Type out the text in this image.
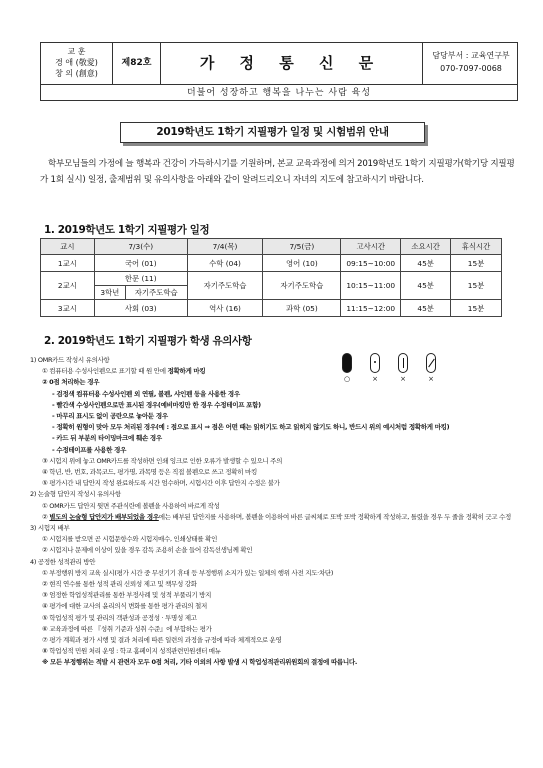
교 훈
경 애 (敬愛)
창 의 (創意)
제82호	가 정 통 신 문	담당부서 : 교육연구부
070-7097-0068
더불어 성장하고 행복을 나누는 사람 육성
2019학년도 1학기 지필평가 일정 및 시험범위 안내

학부모님들의 가정에 늘 행복과 건강이 가득하시기를 기원하며, 본교 교육과정에 의거 2019학년도 1학기 지필평가(학기당 지필평가 1회 실시) 일정, 출제범위 및 유의사항을 아래와 같이 알려드리오니 자녀의 지도에 참고하시기 바랍니다.

1. 2019학년도 1학기 지필평가 일정
교시	7/3(수)		7/4(목)	7/5(금)	고사시간	소요시간	휴식시간
1교시	국어 (01)		수학 (04)	영어 (10)	09:15~10:00	45분	15분
2교시	한문 (11)		자기주도학습	자기주도학습	10:15~11:00	45분	15분
	3학년	자기주도학습					
3교시	사회 (03)		역사 (16)	과학 (05)	11:15~12:00	45분	15분
2. 2019학년도 1학기 지필평가 학생 유의사항
○	×	×	×
1) OMR카드 작성시 유의사항
① 컴퓨터용 수성사인펜으로 표기할 때 원 안에 정확하게 마킹
② 0점 처리하는 경우
- 검정색 컴퓨터용 수성사인펜 외 연필, 볼펜, 샤인펜 등을 사용한 경우
- 빨간색 수성사인펜으로만 표시된 경우(예비마킹만 한 경우 수정테이프 포함)
- 마무리 표시도 없이 공란으로 놓아둔 경우
- 정확히 원형이 맞아 모두 처리된 경우(예 : 점으로 표시 ⇒ 점은 어떤 때는 읽히기도 하고 읽히지 않기도 하니, 반드시 위의 예시처럼 정확하게 마킹)
- 카드 뒤 부분의 타이밍마크에 훼손 경우
- 수정테이프를 사용한 경우
③ 시험지 위에 놓고 OMR카드를 작성하면 인쇄 잉크로 인한 오류가 발생할 수 있으니 주의
④ 학년, 반, 번호, 과목코드, 평가명, 과목명 등은 직접 볼펜으로 쓰고 정확히 마킹
⑤ 평가시간 내 답안지 작성 완료하도록 시간 엄수하며, 시험시간 이후 답안지 수정은 불가
2) 논술형 답안지 작성시 유의사항
① OMR카드 답안지 뒷면 주관식란에 볼펜을 사용하여 바르게 작성
② 별도의 논술형 답안지가 배부되었을 경우에는 배부된 답안지를 사용하며, 볼펜을 이용하여 바른 글씨체로 또박 또박 정확하게 작성하고, 틀렸을 경우 두 줄을 정확히 긋고 수정
3) 시험지 배부
① 시험지를 받으면 곧 시험문항수와 시험지매수, 인쇄상태를 확인
② 시험지나 문제에 이상이 있을 경우 감독 조용히 손을 들어 감독선생님께 확인
4) 공정한 성적관리 방안
① 부정행위 방지 교육 실시(평가 시간 중 무선기기 휴대 등 부정행위 소지가 있는 일체의 행위 사전 지도·차단)
② 현직 연수를 통한 성적 관리 신뢰성 제고 및 책무성 강화
③ 엄정한 학업성적관리를 통한 부정사례 및 성적 부풀리기 방지
④ 평가에 대한 교사의 윤리의식 변화를 통한 평가 관리의 철저
⑤ 학업성적 평가 및 관리의 객관성과 공정성 · 투명성 제고
⑥ 교육과정에 따른 『성취 기준과 성취 수준』에 부합하는 평가
⑦ 평가 계획과 평가 시행 및 결과 처리에 따른 일련의 과정을 규정에 따라 체계적으로 운영
⑧ 학업성적 민원 처리 운영 : 학교 홈페이지 성적관련민원센터 매뉴
※ 모든 부정행위는 적발 시 관련자 모두 0점 처리, 기타 이외의 사항 발생 시 학업성적관리위원회의 결정에 따릅니다.
